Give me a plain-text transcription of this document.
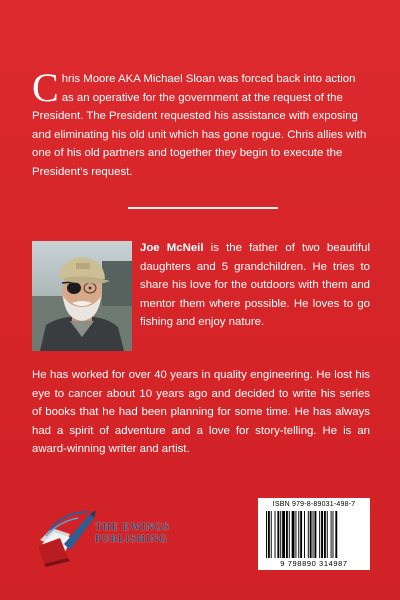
Chris Moore AKA Michael Sloan was forced back into action as an operative for the government at the request of the President. The President requested his assistance with exposing and eliminating his old unit which has gone rogue. Chris allies with one of his old partners and together they begin to execute the President’s request.

Joe McNeil is the father of two beautiful daughters and 5 grandchildren. He tries to share his love for the outdoors with them and mentor them where possible. He loves to go fishing and enjoy nature.

He has worked for over 40 years in quality engineering. He lost his eye to cancer about 10 years ago and decided to write his series of books that he had been planning for some time. He has always had a spirit of adventure and a love for story-telling. He is an award-winning writer and artist.

THE EWINGS
PUBLISHING
ISBN 979-8-89031-498-7
9 798890 314987
